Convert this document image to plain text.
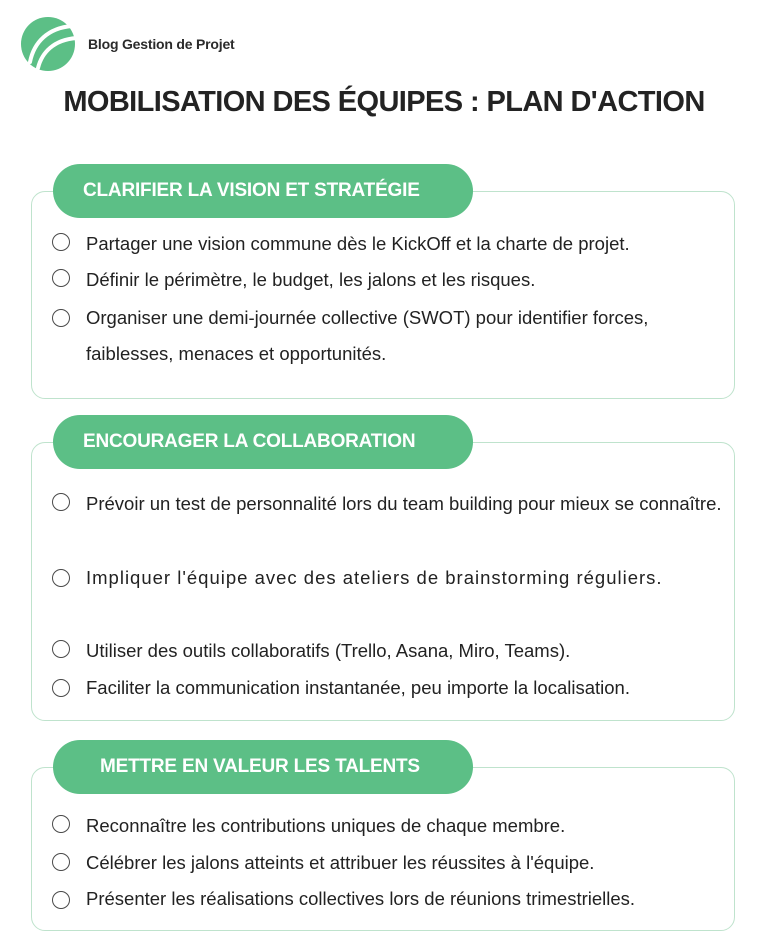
Blog Gestion de Projet
MOBILISATION DES ÉQUIPES : PLAN D'ACTION
CLARIFIER LA VISION ET STRATÉGIE
Partager une vision commune dès le KickOff et la charte de projet.
Définir le périmètre, le budget, les jalons et les risques.
Organiser une demi-journée collective (SWOT) pour identifier forces, faiblesses, menaces et opportunités.
ENCOURAGER LA COLLABORATION
Prévoir un test de personnalité lors du team building pour mieux se connaître.
Impliquer l'équipe avec des ateliers de brainstorming réguliers.
Utiliser des outils collaboratifs (Trello, Asana, Miro, Teams).
Faciliter la communication instantanée, peu importe la localisation.
METTRE EN VALEUR LES TALENTS
Reconnaître les contributions uniques de chaque membre.
Célébrer les jalons atteints et attribuer les réussites à l'équipe.
Présenter les réalisations collectives lors de réunions trimestrielles.
